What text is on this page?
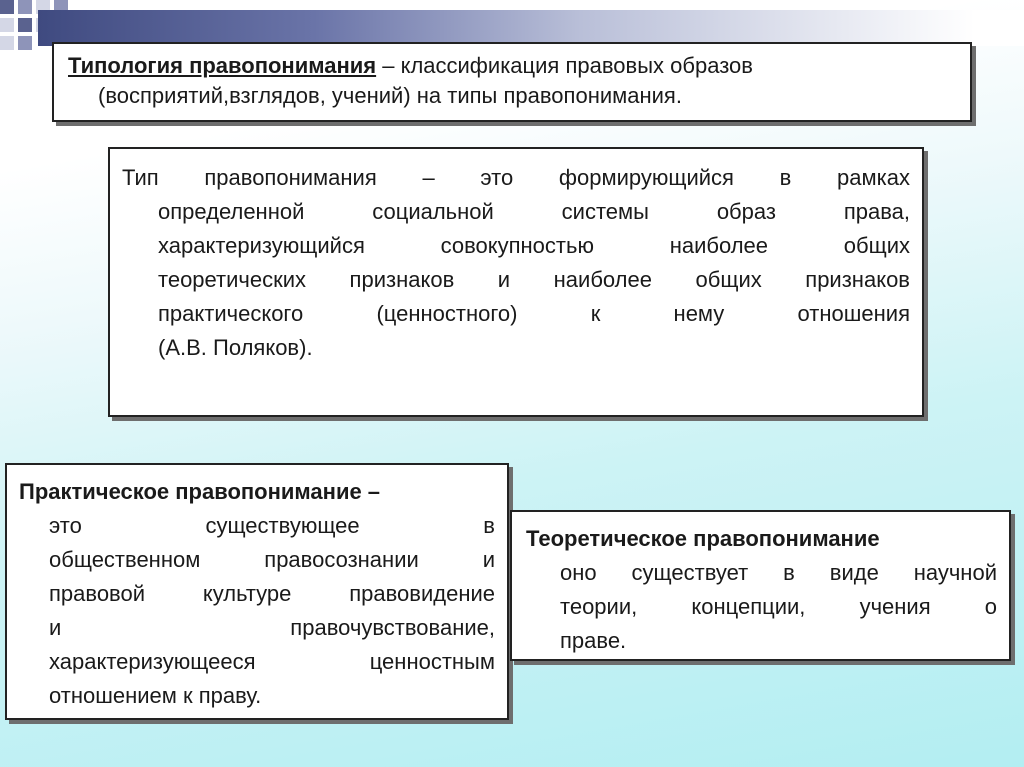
Типология правопонимания – классификация правовых образов
(восприятий,взглядов, учений) на типы правопонимания.

Тип правопонимания – это формирующийся в рамках

определенной социальной системы образ права,

характеризующийся совокупностью наиболее общих

теоретических признаков и наиболее общих признаков

практического (ценностного) к нему отношения

(А.В. Поляков).

Практическое правопонимание –

это существующее в

общественном правосознании и

правовой культуре правовидение

и правочувствование,

характеризующееся ценностным

отношением к праву.

Теоретическое правопонимание

оно существует в виде научной

теории, концепции, учения о

праве.
